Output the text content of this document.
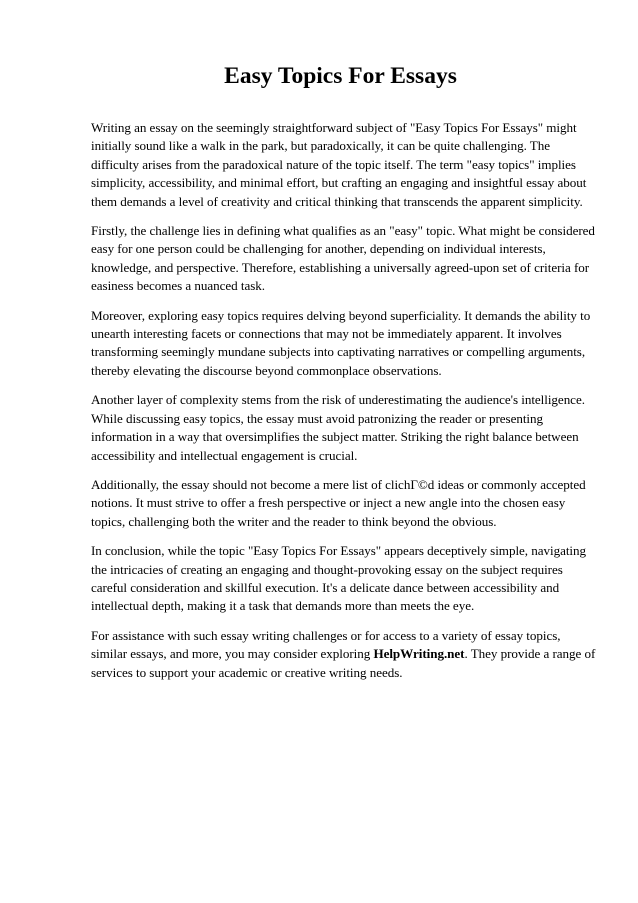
Easy Topics For Essays

Writing an essay on the seemingly straightforward subject of "Easy Topics For Essays" might initially sound like a walk in the park, but paradoxically, it can be quite challenging. The difficulty arises from the paradoxical nature of the topic itself. The term "easy topics" implies simplicity, accessibility, and minimal effort, but crafting an engaging and insightful essay about them demands a level of creativity and critical thinking that transcends the apparent simplicity.

Firstly, the challenge lies in defining what qualifies as an "easy" topic. What might be considered easy for one person could be challenging for another, depending on individual interests, knowledge, and perspective. Therefore, establishing a universally agreed-upon set of criteria for easiness becomes a nuanced task.

Moreover, exploring easy topics requires delving beyond superficiality. It demands the ability to unearth interesting facets or connections that may not be immediately apparent. It involves transforming seemingly mundane subjects into captivating narratives or compelling arguments, thereby elevating the discourse beyond commonplace observations.

Another layer of complexity stems from the risk of underestimating the audience's intelligence. While discussing easy topics, the essay must avoid patronizing the reader or presenting information in a way that oversimplifies the subject matter. Striking the right balance between accessibility and intellectual engagement is crucial.

Additionally, the essay should not become a mere list of clichГ©d ideas or commonly accepted notions. It must strive to offer a fresh perspective or inject a new angle into the chosen easy topics, challenging both the writer and the reader to think beyond the obvious.

In conclusion, while the topic "Easy Topics For Essays" appears deceptively simple, navigating the intricacies of creating an engaging and thought-provoking essay on the subject requires careful consideration and skillful execution. It's a delicate dance between accessibility and intellectual depth, making it a task that demands more than meets the eye.

For assistance with such essay writing challenges or for access to a variety of essay topics, similar essays, and more, you may consider exploring HelpWriting.net. They provide a range of services to support your academic or creative writing needs.
